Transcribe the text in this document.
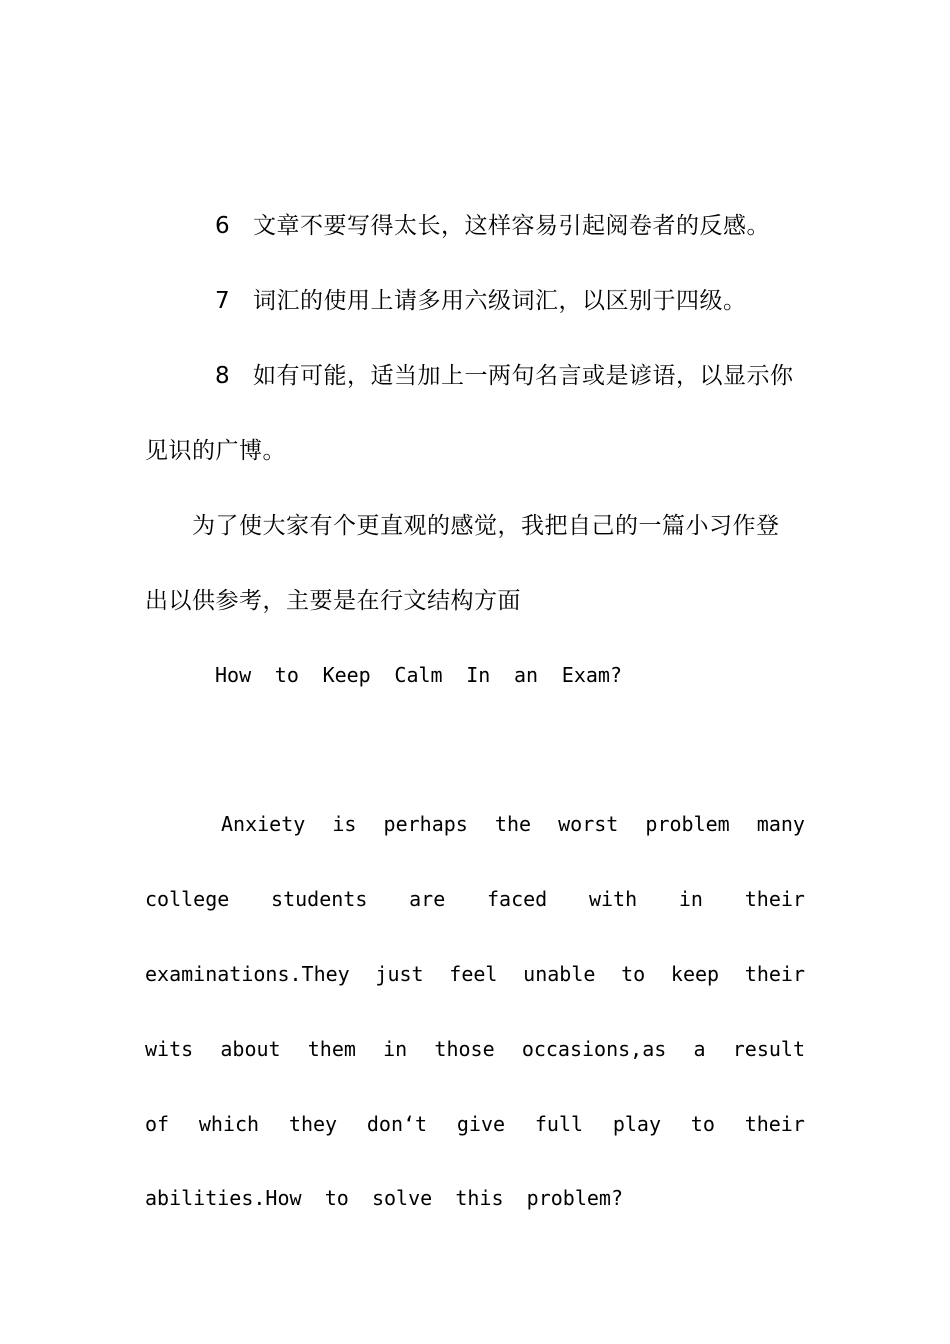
6 文章不要写得太长，这样容易引起阅卷者的反感。
7 词汇的使用上请多用六级词汇，以区别于四级。
8 如有可能，适当加上一两句名言或是谚语，以显示你
见识的广博。
为了使大家有个更直观的感觉，我把自己的一篇小习作登
出以供参考，主要是在行文结构方面
How to Keep Calm In an Exam?
Anxiety is perhaps the worst problem many
college students are faced with in their
examinations.They just feel unable to keep their
wits about them in those occasions,as a result
of which they don‘t give full play to their
abilities.How to solve this problem?
